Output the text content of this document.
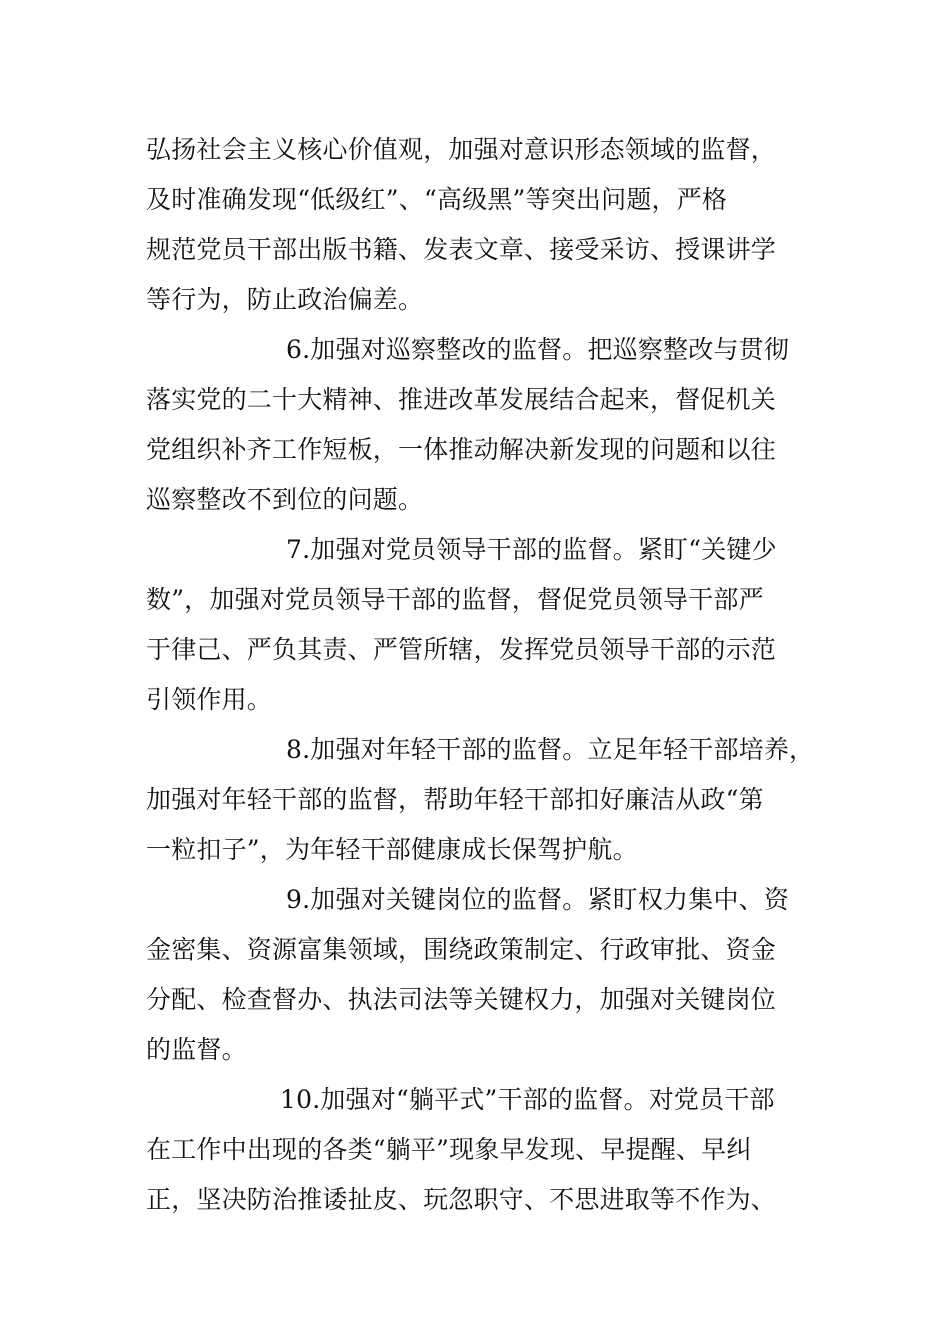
弘扬社会主义核心价值观，加强对意识形态领域的监督，
及时准确发现“低级红”、“高级黑”等突出问题，严格
规范党员干部出版书籍、发表文章、接受采访、授课讲学
等行为，防止政治偏差。
6.加强对巡察整改的监督。把巡察整改与贯彻
落实党的二十大精神、推进改革发展结合起来，督促机关
党组织补齐工作短板，一体推动解决新发现的问题和以往
巡察整改不到位的问题。
7.加强对党员领导干部的监督。紧盯“关键少
数”，加强对党员领导干部的监督，督促党员领导干部严
于律己、严负其责、严管所辖，发挥党员领导干部的示范
引领作用。
8.加强对年轻干部的监督。立足年轻干部培养，
加强对年轻干部的监督，帮助年轻干部扣好廉洁从政“第
一粒扣子”，为年轻干部健康成长保驾护航。
9.加强对关键岗位的监督。紧盯权力集中、资
金密集、资源富集领域，围绕政策制定、行政审批、资金
分配、检查督办、执法司法等关键权力，加强对关键岗位
的监督。
10.加强对“躺平式”干部的监督。对党员干部
在工作中出现的各类“躺平”现象早发现、早提醒、早纠
正，坚决防治推诿扯皮、玩忽职守、不思进取等不作为、
